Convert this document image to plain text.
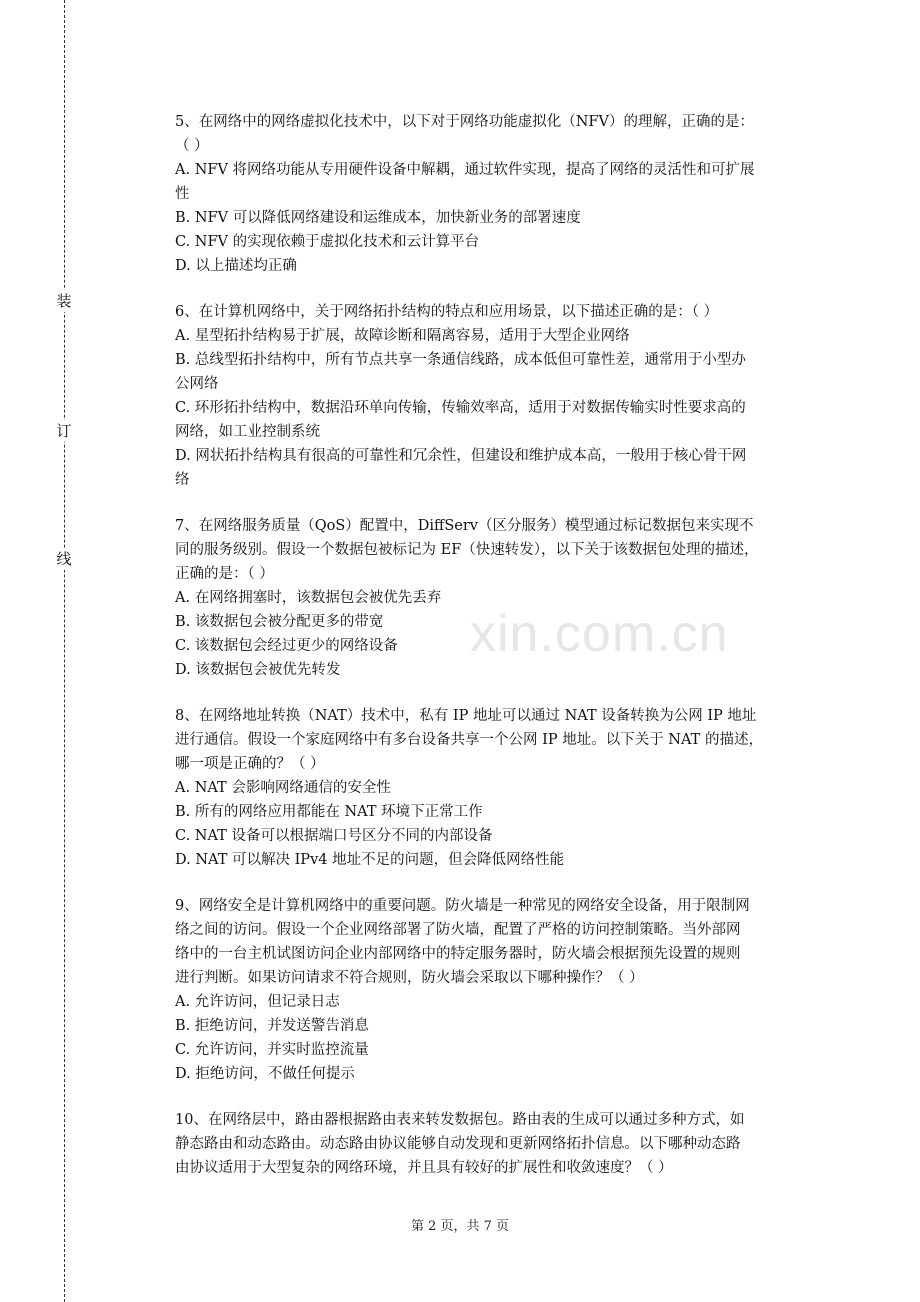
装
订
线
xin.com.cn

5、在网络中的网络虚拟化技术中，以下对于网络功能虚拟化（NFV）的理解，正确的是：

（ ）

A. NFV 将网络功能从专用硬件设备中解耦，通过软件实现，提高了网络的灵活性和可扩展

性

B. NFV 可以降低网络建设和运维成本，加快新业务的部署速度

C. NFV 的实现依赖于虚拟化技术和云计算平台

D. 以上描述均正确

6、在计算机网络中，关于网络拓扑结构的特点和应用场景，以下描述正确的是：（ ）

A. 星型拓扑结构易于扩展，故障诊断和隔离容易，适用于大型企业网络

B. 总线型拓扑结构中，所有节点共享一条通信线路，成本低但可靠性差，通常用于小型办

公网络

C. 环形拓扑结构中，数据沿环单向传输，传输效率高，适用于对数据传输实时性要求高的

网络，如工业控制系统

D. 网状拓扑结构具有很高的可靠性和冗余性，但建设和维护成本高，一般用于核心骨干网

络

7、在网络服务质量（QoS）配置中，DiffServ（区分服务）模型通过标记数据包来实现不

同的服务级别。假设一个数据包被标记为 EF（快速转发），以下关于该数据包处理的描述，

正确的是：（ ）

A. 在网络拥塞时，该数据包会被优先丢弃

B. 该数据包会被分配更多的带宽

C. 该数据包会经过更少的网络设备

D. 该数据包会被优先转发

8、在网络地址转换（NAT）技术中，私有 IP 地址可以通过 NAT 设备转换为公网 IP 地址

进行通信。假设一个家庭网络中有多台设备共享一个公网 IP 地址。以下关于 NAT 的描述，

哪一项是正确的？（ ）

A. NAT 会影响网络通信的安全性

B. 所有的网络应用都能在 NAT 环境下正常工作

C. NAT 设备可以根据端口号区分不同的内部设备

D. NAT 可以解决 IPv4 地址不足的问题，但会降低网络性能

9、网络安全是计算机网络中的重要问题。防火墙是一种常见的网络安全设备，用于限制网

络之间的访问。假设一个企业网络部署了防火墙，配置了严格的访问控制策略。当外部网

络中的一台主机试图访问企业内部网络中的特定服务器时，防火墙会根据预先设置的规则

进行判断。如果访问请求不符合规则，防火墙会采取以下哪种操作？（ ）

A. 允许访问，但记录日志

B. 拒绝访问，并发送警告消息

C. 允许访问，并实时监控流量

D. 拒绝访问，不做任何提示

10、在网络层中，路由器根据路由表来转发数据包。路由表的生成可以通过多种方式，如

静态路由和动态路由。动态路由协议能够自动发现和更新网络拓扑信息。以下哪种动态路

由协议适用于大型复杂的网络环境，并且具有较好的扩展性和收敛速度？（ ）

第 2 页，共 7 页
